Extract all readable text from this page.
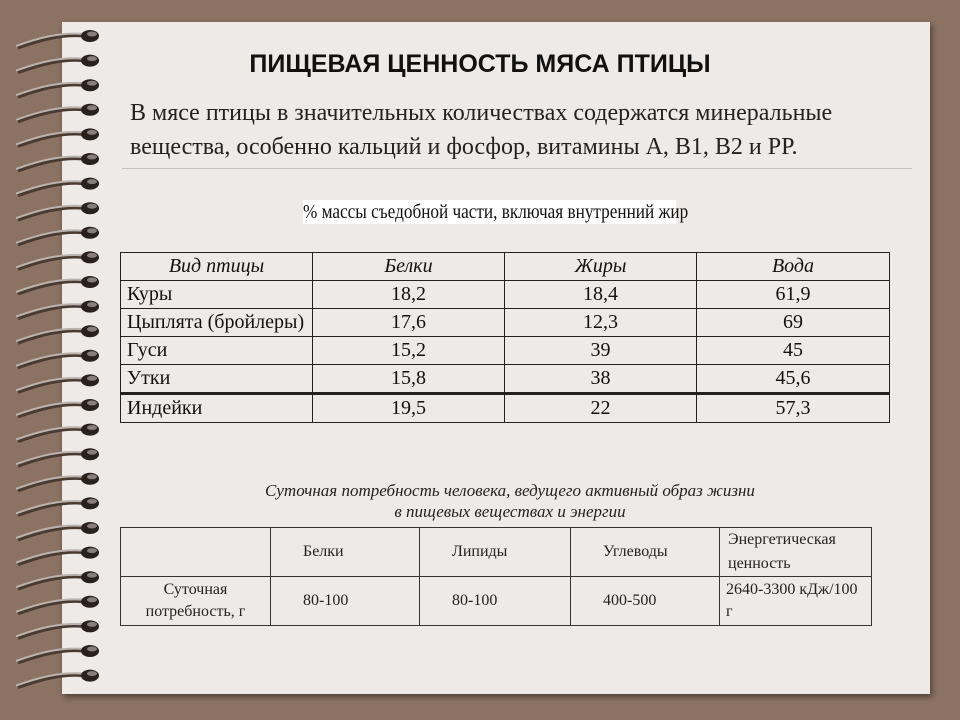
ПИЩЕВАЯ ЦЕННОСТЬ МЯСА ПТИЦЫ
В мясе птицы в значительных количествах содержатся минеральные вещества, особенно кальций и фосфор, витамины А, В1, В2 и РР.
% массы съедобной части, включая внутренний жир
Вид птицы	Белки	Жиры	Вода
Куры	18,2	18,4	61,9
Цыплята (бройлеры)	17,6	12,3	69
Гуси	15,2	39	45
Утки	15,8	38	45,6
Индейки	19,5	22	57,3
Суточная потребность человека, ведущего активный образ жизни
в пищевых веществах и энергии
	Белки	Липиды	Углеводы	Энергетическая ценность
Суточная потребность, г	80-100	80-100	400-500	2640-3300 кДж/100 г
